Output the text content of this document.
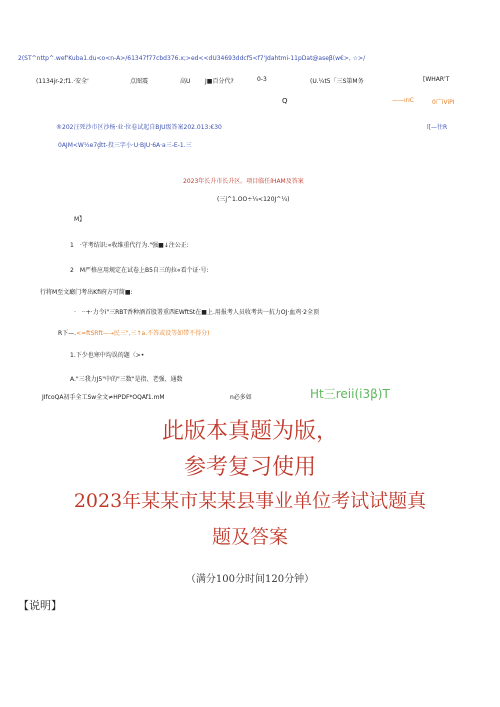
2(ST^nttp^.wef'Kuba1.du<o<n-A>/61347f77cbd376.x;>ed<<dU34693ddcf5<f7'Jdahtmi-11pDat@aseβ(w€>, ☆>/
(1134jr-2;f1.·安全'	点图震	高U J■百分代?	0-3	(U.¼t5「三S第M务	[WHAR'T
Q	——ırıC	0广iViPI
®202汪死沙市区沙杨·业·位卷试起自BJU级答案202.013:€30	l[—往R
0AJM<W½e7ḑ̇tt-投三字小·U·BJU·6A·a三-E-1.三
2023年长升市长升区。项目临任íHAM及答案
(三j^1.OO÷¼<120J^¼)
M】
1　·守考结识:«收维重代行为."强■↓注公正:
2　M严格应用规定在试卷上B5自三的拉«看个证·号:
行将M至文廳门考出Kfi府方可简■:
·　··+·力令i"三RBT香种酒首股署重西EWftSt在■上.用报考人员收考共一抗力OJ·血鸡·2全顶
R下—.<=ftSRft—→民三",三↑a.不答或设等如带不得分)
1.下少也寒中均误的题〈>•
A."三我力J5"中的"三数"是指、老强、通数
JIfcoQA初手全工Sw全文≠HPDF*OQAf1.mM	n必多如	Ht三reii(i3β)T
此版本真题为版，
参考复习使用
2023年某某市某某县事业单位考试试题真
题及答案
（满分100分时间120分钟）
【说明】
